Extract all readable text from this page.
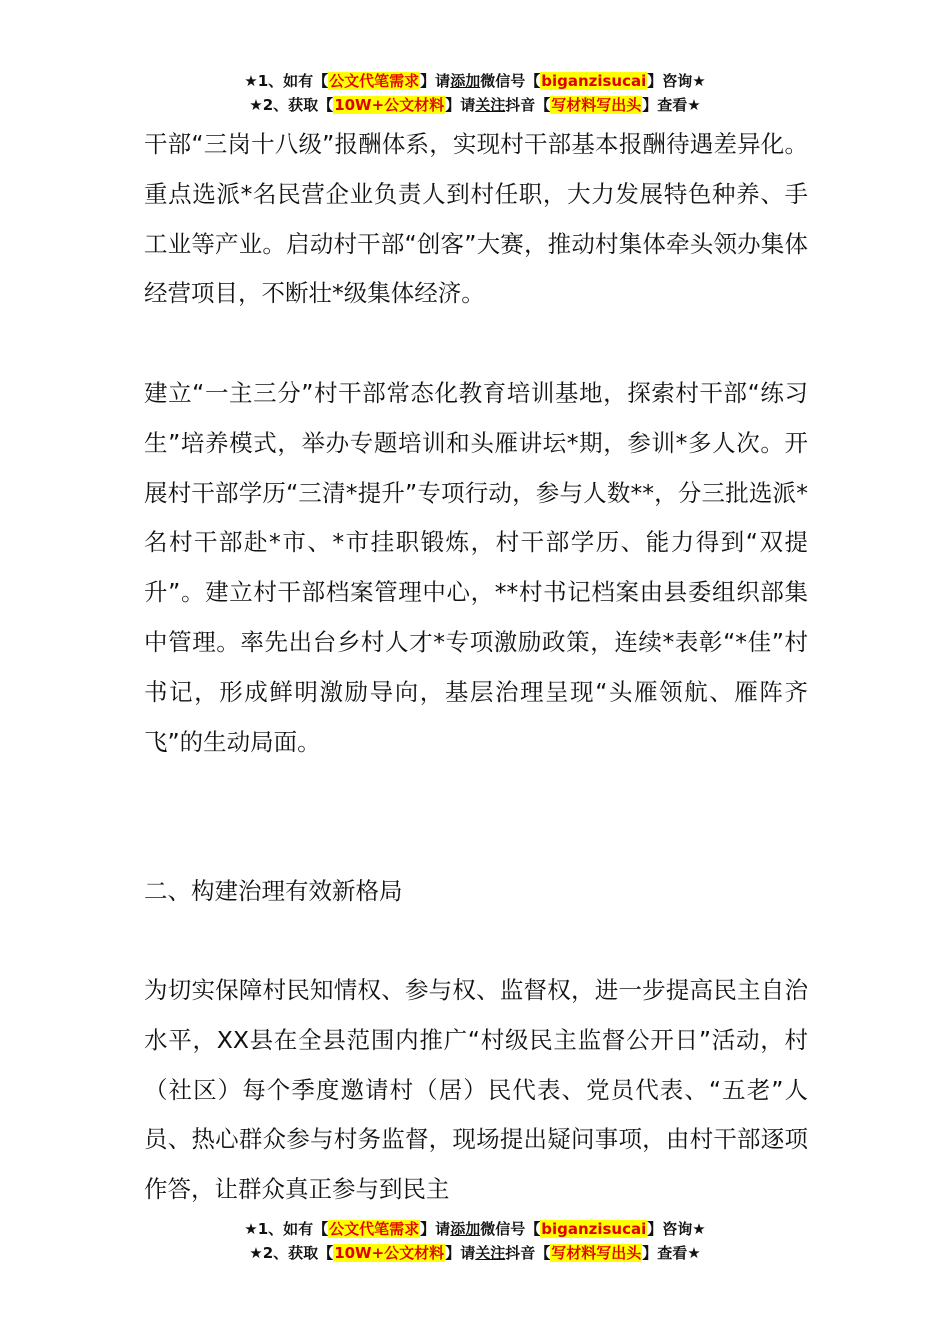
★1、如有【公文代笔需求】请添加微信号【biganzisucai】咨询★
★2、获取【10W+公文材料】请关注抖音【写材料写出头】查看★

干部“三岗十八级”报酬体系，实现村干部基本报酬待遇差异化。重点选派*名民营企业负责人到村任职，大力发展特色种养、手工业等产业。启动村干部“创客”大赛，推动村集体牵头领办集体经营项目，不断壮*级集体经济。

建立“一主三分”村干部常态化教育培训基地，探索村干部“练习生”培养模式，举办专题培训和头雁讲坛*期，参训*多人次。开展村干部学历“三清*提升”专项行动，参与人数**，分三批选派*名村干部赴*市、*市挂职锻炼，村干部学历、能力得到“双提升”。建立村干部档案管理中心，**村书记档案由县委组织部集中管理。率先出台乡村人才*专项激励政策，连续*表彰“*佳”村书记，形成鲜明激励导向，基层治理呈现“头雁领航、雁阵齐飞”的生动局面。

二、构建治理有效新格局

为切实保障村民知情权、参与权、监督权，进一步提高民主自治水平，XX县在全县范围内推广“村级民主监督公开日”活动，村（社区）每个季度邀请村（居）民代表、党员代表、“五老”人员、热心群众参与村务监督，现场提出疑问事项，由村干部逐项作答，让群众真正参与到民主

★1、如有【公文代笔需求】请添加微信号【biganzisucai】咨询★
★2、获取【10W+公文材料】请关注抖音【写材料写出头】查看★
